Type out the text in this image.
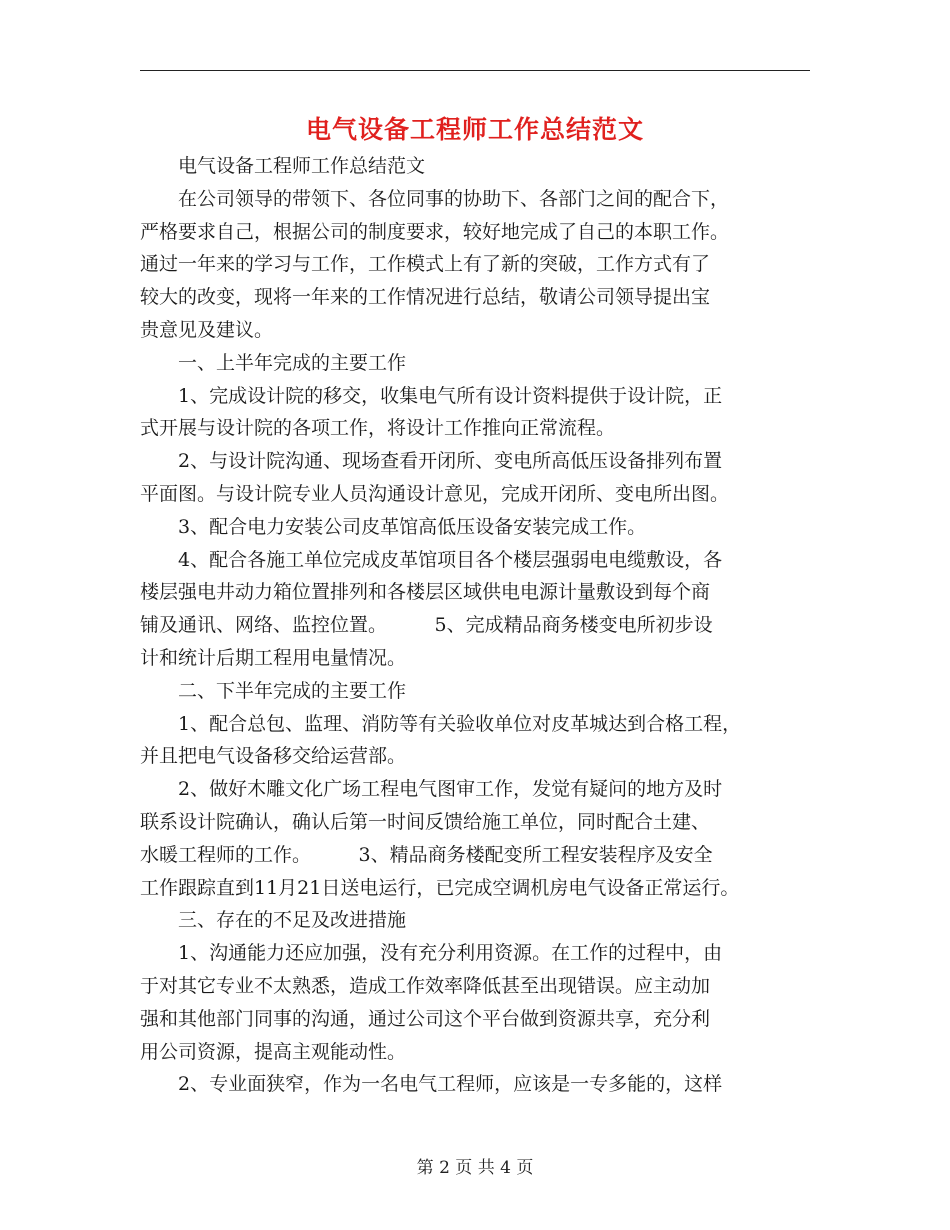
电气设备工程师工作总结范文
　　电气设备工程师工作总结范文
　　在公司领导的带领下、各位同事的协助下、各部门之间的配合下，
严格要求自己，根据公司的制度要求，较好地完成了自己的本职工作。
通过一年来的学习与工作，工作模式上有了新的突破，工作方式有了
较大的改变，现将一年来的工作情况进行总结，敬请公司领导提出宝
贵意见及建议。
　　一、上半年完成的主要工作
　　1、完成设计院的移交，收集电气所有设计资料提供于设计院，正
式开展与设计院的各项工作，将设计工作推向正常流程。
　　2、与设计院沟通、现场查看开闭所、变电所高低压设备排列布置
平面图。与设计院专业人员沟通设计意见，完成开闭所、变电所出图。
　　3、配合电力安装公司皮革馆高低压设备安装完成工作。
　　4、配合各施工单位完成皮革馆项目各个楼层强弱电电缆敷设，各
楼层强电井动力箱位置排列和各楼层区域供电电源计量敷设到每个商
铺及通讯、网络、监控位置。　　　5、完成精品商务楼变电所初步设
计和统计后期工程用电量情况。
　　二、下半年完成的主要工作
　　1、配合总包、监理、消防等有关验收单位对皮革城达到合格工程，
并且把电气设备移交给运营部。
　　2、做好木雕文化广场工程电气图审工作，发觉有疑问的地方及时
联系设计院确认，确认后第一时间反馈给施工单位，同时配合土建、
水暖工程师的工作。　　　3、精品商务楼配变所工程安装程序及安全
工作跟踪直到11月21日送电运行，已完成空调机房电气设备正常运行。
　　三、存在的不足及改进措施
　　1、沟通能力还应加强，没有充分利用资源。在工作的过程中，由
于对其它专业不太熟悉，造成工作效率降低甚至出现错误。应主动加
强和其他部门同事的沟通，通过公司这个平台做到资源共享，充分利
用公司资源，提高主观能动性。
　　2、专业面狭窄，作为一名电气工程师，应该是一专多能的，这样
第 2 页 共 4 页
